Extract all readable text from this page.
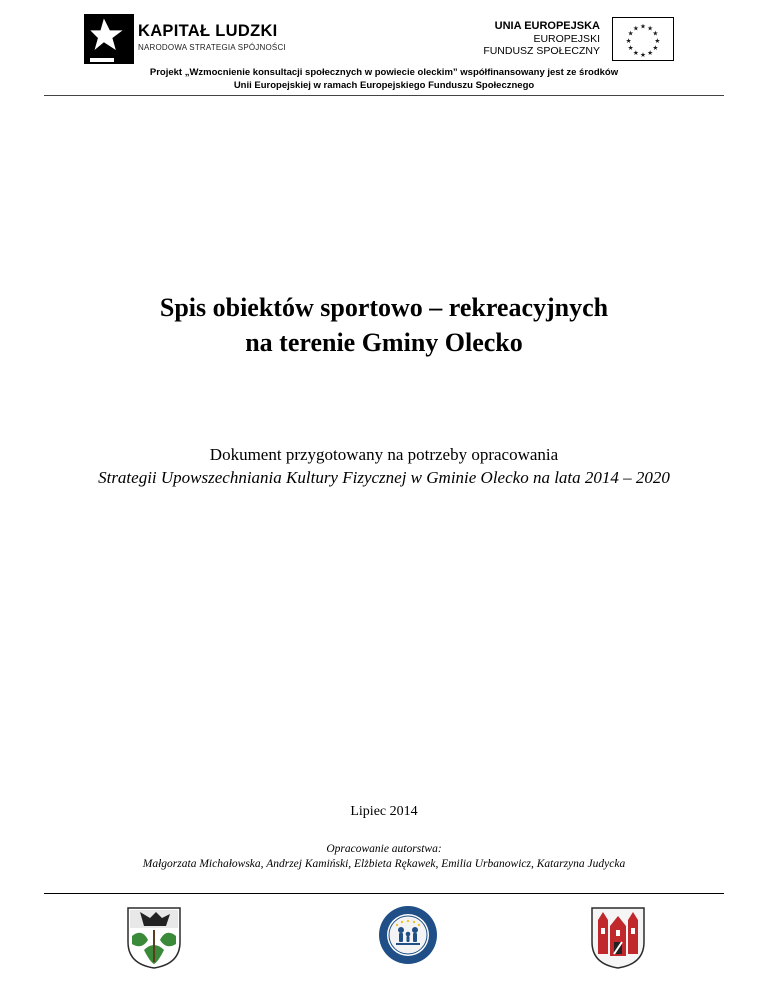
KAPITAŁ LUDZKI
NARODOWA STRATEGIA SPÓJNOŚCI
UNIA EUROPEJSKA
EUROPEJSKI
FUNDUSZ SPOŁECZNY
★ ★
★
★
★
★
★
★
★
★
★
★
Projekt „Wzmocnienie konsultacji społecznych w powiecie oleckim” współfinansowany jest ze środków
Unii Europejskiej w ramach Europejskiego Funduszu Społecznego
Spis obiektów sportowo – rekreacyjnych
na terenie Gminy Olecko
Dokument przygotowany na potrzeby opracowania
Strategii Upowszechniania Kultury Fizycznej w Gminie Olecko na lata 2014 – 2020
Lipiec 2014
Opracowanie autorstwa:
Małgorzata Michałowska, Andrzej Kamiński, Elżbieta Rękawek, Emilia Urbanowicz, Katarzyna Judycka
